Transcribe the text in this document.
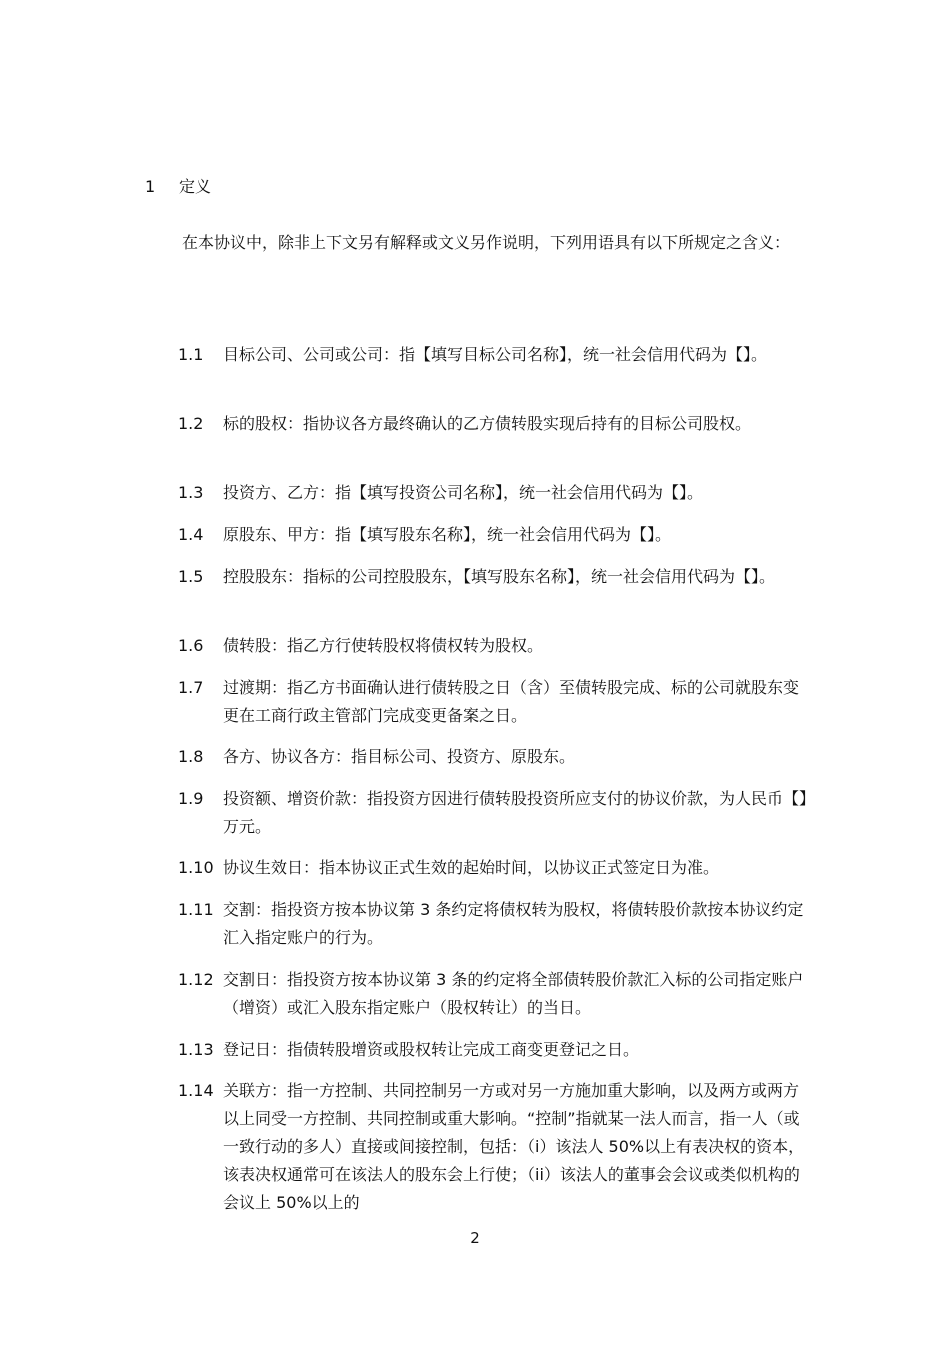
1 定义
在本协议中，除非上下文另有解释或文义另作说明，下列用语具有以下所规定之含义：
1.1	目标公司、公司或公司：指【填写目标公司名称】，统一社会信用代码为【】。
1.2	标的股权：指协议各方最终确认的乙方债转股实现后持有的目标公司股权。
1.3	投资方、乙方：指【填写投资公司名称】，统一社会信用代码为【】。
1.4	原股东、甲方：指【填写股东名称】，统一社会信用代码为【】。
1.5	控股股东：指标的公司控股股东，【填写股东名称】，统一社会信用代码为【】。
1.6	债转股：指乙方行使转股权将债权转为股权。
1.7	过渡期：指乙方书面确认进行债转股之日（含）至债转股完成、标的公司就股东变更在工商行政主管部门完成变更备案之日。
1.8	各方、协议各方：指目标公司、投资方、原股东。
1.9	投资额、增资价款：指投资方因进行债转股投资所应支付的协议价款，为人民币【】万元。
1.10 协议生效日：指本协议正式生效的起始时间，以协议正式签定日为准。
1.11 交割：指投资方按本协议第 3 条约定将债权转为股权，将债转股价款按本协议约定汇入指定账户的行为。
1.12 交割日：指投资方按本协议第 3 条的约定将全部债转股价款汇入标的公司指定账户（增资）或汇入股东指定账户（股权转让）的当日。
1.13 登记日：指债转股增资或股权转让完成工商变更登记之日。
1.14 关联方：指一方控制、共同控制另一方或对另一方施加重大影响，以及两方或两方以上同受一方控制、共同控制或重大影响。“控制”指就某一法人而言，指一人（或一致行动的多人）直接或间接控制，包括：（i）该法人 50%以上有表决权的资本，该表决权通常可在该法人的股东会上行使；（ii）该法人的董事会会议或类似机构的会议上 50%以上的
2
